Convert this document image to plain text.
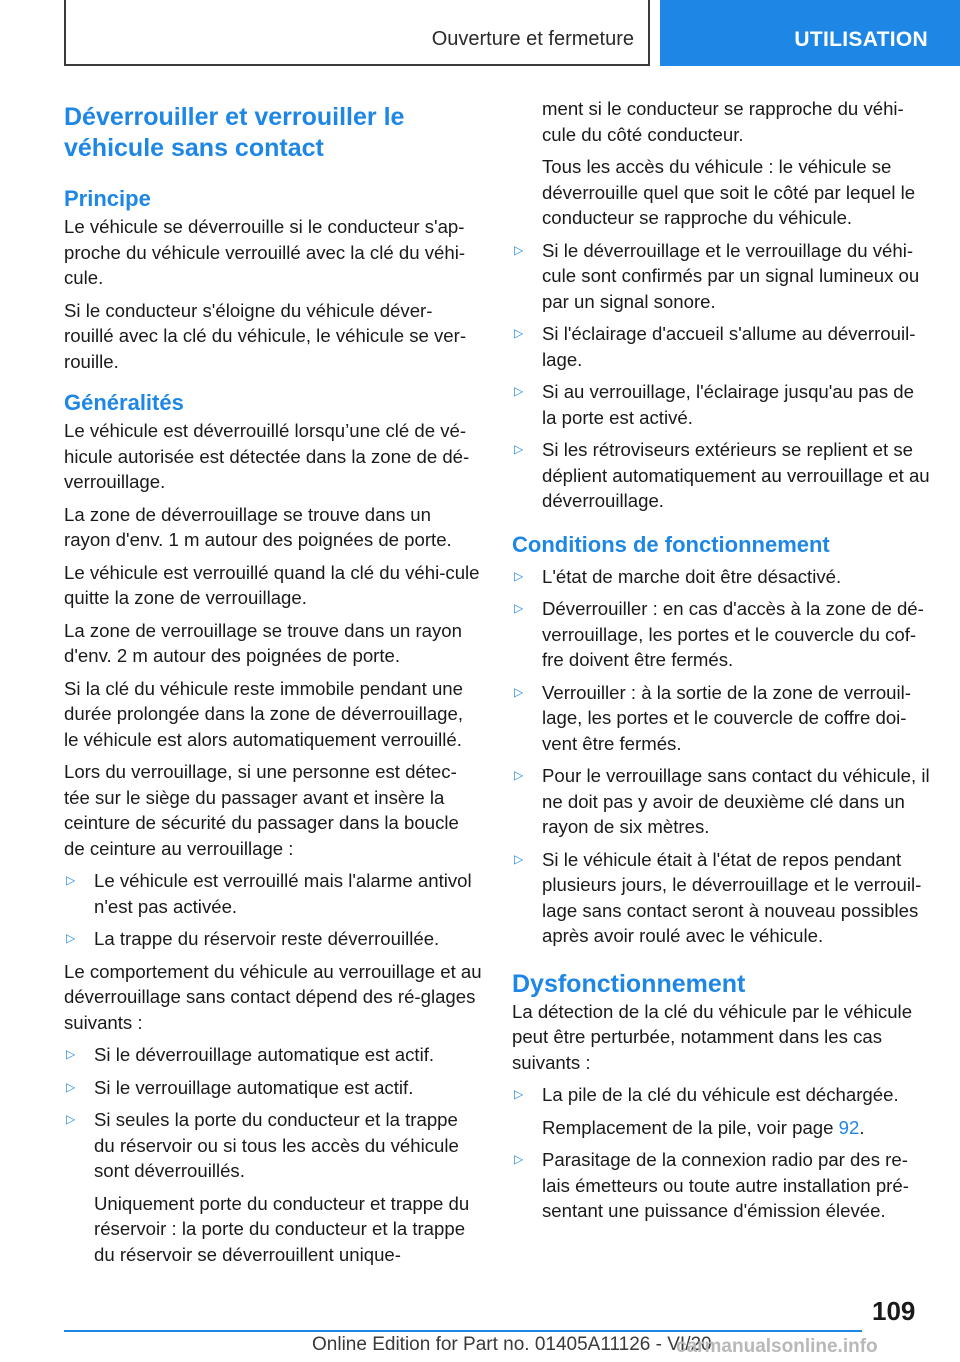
Ouverture et fermeture	UTILISATION
Déverrouiller et verrouiller le véhicule sans contact
Principe

Le véhicule se déverrouille si le conducteur s'ap-proche du véhicule verrouillé avec la clé du véhi-cule.

Si le conducteur s'éloigne du véhicule déver-rouillé avec la clé du véhicule, le véhicule se ver-rouille.

Généralités

Le véhicule est déverrouillé lorsqu’une clé de vé-hicule autorisée est détectée dans la zone de dé-verrouillage.

La zone de déverrouillage se trouve dans un rayon d'env. 1 m autour des poignées de porte.

Le véhicule est verrouillé quand la clé du véhi-cule quitte la zone de verrouillage.

La zone de verrouillage se trouve dans un rayon d'env. 2 m autour des poignées de porte.

Si la clé du véhicule reste immobile pendant une durée prolongée dans la zone de déverrouillage, le véhicule est alors automatiquement verrouillé.

Lors du verrouillage, si une personne est détec-tée sur le siège du passager avant et insère la ceinture de sécurité du passager dans la boucle de ceinture au verrouillage :

▷ Le véhicule est verrouillé mais l'alarme antivol n'est pas activée.

▷ La trappe du réservoir reste déverrouillée.

Le comportement du véhicule au verrouillage et au déverrouillage sans contact dépend des ré-glages suivants :

▷ Si le déverrouillage automatique est actif.

▷ Si le verrouillage automatique est actif.

▷ Si seules la porte du conducteur et la trappe du réservoir ou si tous les accès du véhicule sont déverrouillés.

Uniquement porte du conducteur et trappe du réservoir : la porte du conducteur et la trappe du réservoir se déverrouillent unique-

ment si le conducteur se rapproche du véhi-cule du côté conducteur.

Tous les accès du véhicule : le véhicule se déverrouille quel que soit le côté par lequel le conducteur se rapproche du véhicule.

▷ Si le déverrouillage et le verrouillage du véhi-cule sont confirmés par un signal lumineux ou par un signal sonore.

▷ Si l'éclairage d'accueil s'allume au déverrouil-lage.

▷ Si au verrouillage, l'éclairage jusqu'au pas de la porte est activé.

▷ Si les rétroviseurs extérieurs se replient et se déplient automatiquement au verrouillage et au déverrouillage.

Conditions de fonctionnement
▷ L'état de marche doit être désactivé.

▷ Déverrouiller : en cas d'accès à la zone de dé-verrouillage, les portes et le couvercle du cof-fre doivent être fermés.

▷ Verrouiller : à la sortie de la zone de verrouil-lage, les portes et le couvercle de coffre doi-vent être fermés.

▷ Pour le verrouillage sans contact du véhicule, il ne doit pas y avoir de deuxième clé dans un rayon de six mètres.

▷ Si le véhicule était à l'état de repos pendant plusieurs jours, le déverrouillage et le verrouil-lage sans contact seront à nouveau possibles après avoir roulé avec le véhicule.

Dysfonctionnement

La détection de la clé du véhicule par le véhicule peut être perturbée, notamment dans les cas suivants :

▷ La pile de la clé du véhicule est déchargée.

Remplacement de la pile, voir page 92.

▷ Parasitage de la connexion radio par des re-lais émetteurs ou toute autre installation pré-sentant une puissance d'émission élevée.

109
Online Edition for Part no. 01405A11126 - VI/20
carmanualsonline.info
